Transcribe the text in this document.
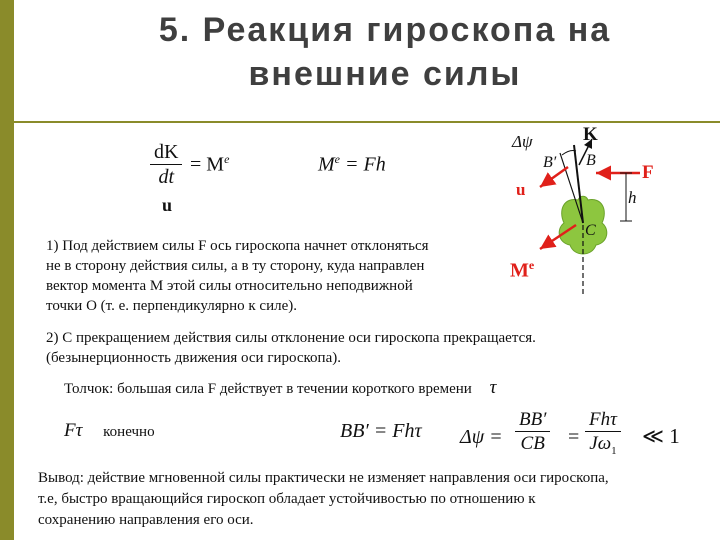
5. Реакция гироскопа на
внешние силы
$\frac{dK}{dt} = M^e$
u
$M^e = Fh$
Δψ	K
B′ B
F
u	h
C
Me
1) Под действием силы F ось гироскопа начнет отклоняться
не в сторону действия силы, а в ту сторону, куда направлен
вектор момента M этой силы относительно неподвижной
точки O (т. е. перпендикулярно к силе).
2) С прекращением действия силы отклонение оси гироскопа прекращается.
(безынерционность движения оси гироскопа).
Толчок: большая сила F действует в течении короткого времени τ
Fτ конечно	BB′ = Fhτ $\Delta\psi = \frac{BB'}{CB}$ =
Fhτ
$J\omega_1$
≪ 1
Вывод: действие мгновенной силы практически не изменяет направления оси гироскопа,
т.е, быстро вращающийся гироскоп обладает устойчивостью по отношению к
сохранению направления его оси.
